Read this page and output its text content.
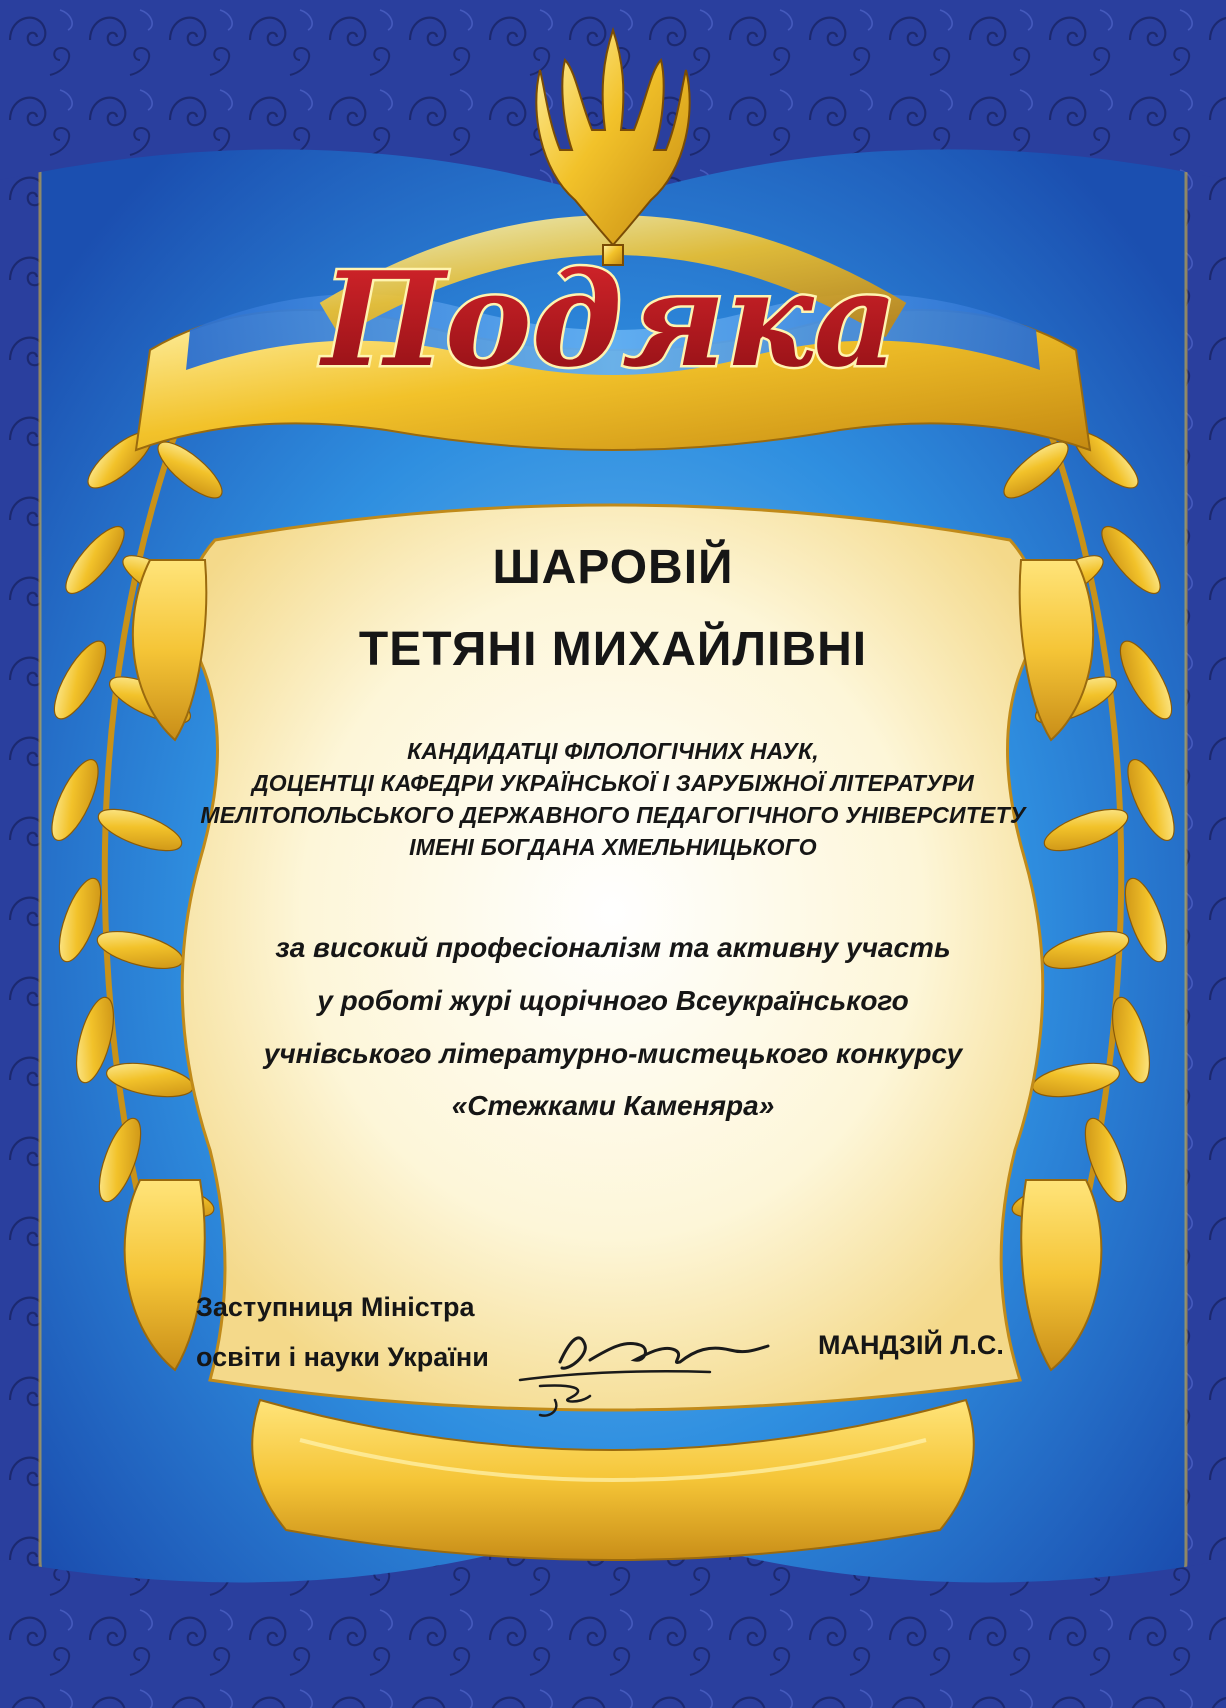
Подяка
ШАРОВІЙ
ТЕТЯНІ МИХАЙЛІВНІ
КАНДИДАТЦІ ФІЛОЛОГІЧНИХ НАУК,
ДОЦЕНТЦІ КАФЕДРИ УКРАЇНСЬКОЇ І ЗАРУБІЖНОЇ ЛІТЕРАТУРИ
МЕЛІТОПОЛЬСЬКОГО ДЕРЖАВНОГО ПЕДАГОГІЧНОГО УНІВЕРСИТЕТУ
ІМЕНІ БОГДАНА ХМЕЛЬНИЦЬКОГО
за високий професіоналізм та активну участь
у роботі журі щорічного Всеукраїнського
учнівського літературно-мистецького конкурсу
«Стежками Каменяра»
Заступниця Міністра
освіти і науки України	МАНДЗІЙ Л.С.
